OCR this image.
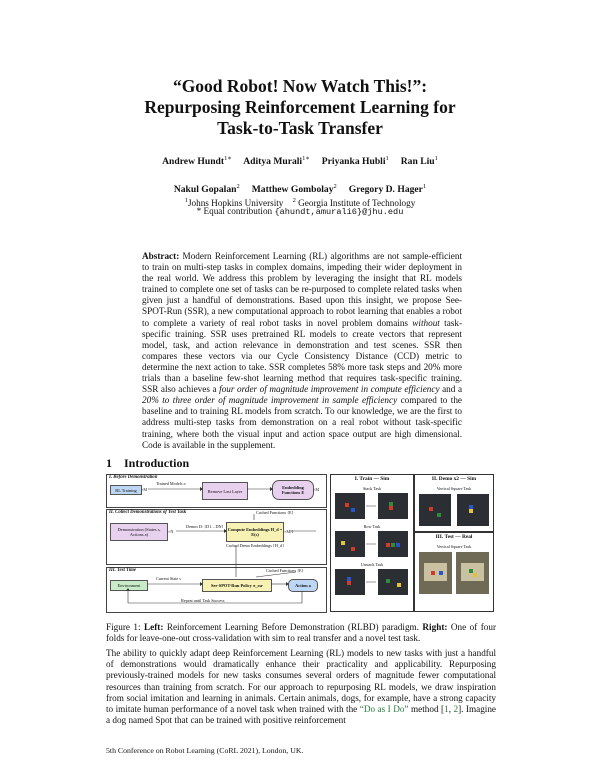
“Good Robot! Now Watch This!”:
Repurposing Reinforcement Learning for
Task-to-Task Transfer
Andrew Hundt$^{1∗}$ Aditya Murali$^{1∗}$ Priyanka Hubli$^1$ Ran Liu$^1$
Nakul Gopalan$^2$ Matthew Gombolay$^2$ Gregory D. Hager$^1$
$^1$Johns Hopkins University $^2$ Georgia Institute of Technology
* Equal contribution {ahundt,amurali6}@jhu.edu
Abstract: Modern Reinforcement Learning (RL) algorithms are not sample-efficient to train on multi-step tasks in complex domains, impeding their wider deployment in the real world. We address this problem by leveraging the insight that RL models trained to complete one set of tasks can be re-purposed to complete related tasks when given just a handful of demonstrations. Based upon this insight, we propose See-SPOT-Run (SSR), a new computational approach to robot learning that enables a robot to complete a variety of real robot tasks in novel problem domains without task-specific training. SSR uses pretrained RL models to create vectors that represent model, task, and action relevance in demonstration and test scenes. SSR then compares these vectors via our Cycle Consistency Distance (CCD) metric to determine the next action to take. SSR completes 58% more task steps and 20% more trials than a baseline few-shot learning method that requires task-specific training. SSR also achieves a four order of magnitude improvement in compute efficiency and a 20% to three order of magnitude improvement in sample efficiency compared to the baseline and to training RL models from scratch. To our knowledge, we are the first to address multi-step tasks from demonstration on a real robot without task-specific training, where both the visual input and action space output are high dimensional. Code is available in the supplement.
1 Introduction
I. Before Demonstration
RL Training	×M
Trained Models π
Remove Last Layer
Embedding Functions E
×M
II. Collect Demonstrations of Test Task	Cached Functions {E}
Demonstration (States s, Actions a)
×N
Demos D: {D1…DN}
Compute Embeddings H_d = E(s)
×MN
Cached Demo Embeddings {H_d}
III. Test Time	Cached Functions {E}
Environment
Current State s
See-SPOT-Run Policy π_ssr	Action a
Repeat until Task Success
I. Train — Sim
Stack Task
Row Task
Unstack Task
II. Demo x2 — Sim
Vertical Square Task
III. Test — Real
Vertical Square Task
Figure 1: Left: Reinforcement Learning Before Demonstration (RLBD) paradigm. Right: One of four folds for leave-one-out cross-validation with sim to real transfer and a novel test task.
The ability to quickly adapt deep Reinforcement Learning (RL) models to new tasks with just a handful of demonstrations would dramatically enhance their practicality and applicability. Repurposing previously-trained models for new tasks consumes several orders of magnitude fewer computational resources than training from scratch. For our approach to repurposing RL models, we draw inspiration from social imitation and learning in animals. Certain animals, dogs, for example, have a strong capacity to imitate human performance of a novel task when trained with the “Do as I Do” method [1, 2]. Imagine a dog named Spot that can be trained with positive reinforcement
5th Conference on Robot Learning (CoRL 2021), London, UK.
